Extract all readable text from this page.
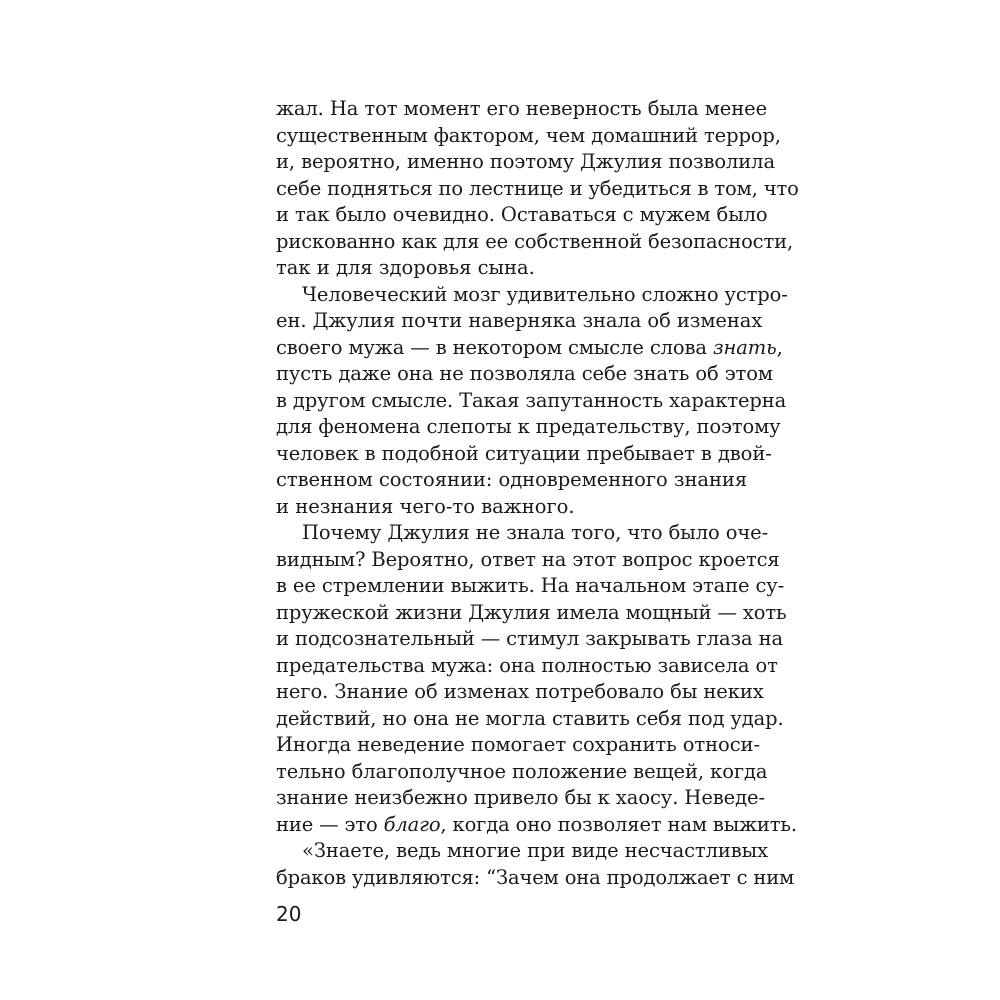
жал. На тот момент его неверность была менее
существенным фактором, чем домашний террор,
и, вероятно, именно поэтому Джулия позволила
себе подняться по лестнице и убедиться в том, что
и так было очевидно. Оставаться с мужем было
рискованно как для ее собственной безопасности,
так и для здоровья сына.
Человеческий мозг удивительно сложно устро-
ен. Джулия почти наверняка знала об изменах
своего мужа — в некотором смысле слова знать,
пусть даже она не позволяла себе знать об этом
в другом смысле. Такая запутанность характерна
для феномена слепоты к предательству, поэтому
человек в подобной ситуации пребывает в двой-
ственном состоянии: одновременного знания
и незнания чего-то важного.
Почему Джулия не знала того, что было оче-
видным? Вероятно, ответ на этот вопрос кроется
в ее стремлении выжить. На начальном этапе су-
пружеской жизни Джулия имела мощный — хоть
и подсознательный — стимул закрывать глаза на
предательства мужа: она полностью зависела от
него. Знание об изменах потребовало бы неких
действий, но она не могла ставить себя под удар.
Иногда неведение помогает сохранить относи-
тельно благополучное положение вещей, когда
знание неизбежно привело бы к хаосу. Неведе-
ние — это благо, когда оно позволяет нам выжить.
«Знаете, ведь многие при виде несчастливых
браков удивляются: “Зачем она продолжает с ним
20
